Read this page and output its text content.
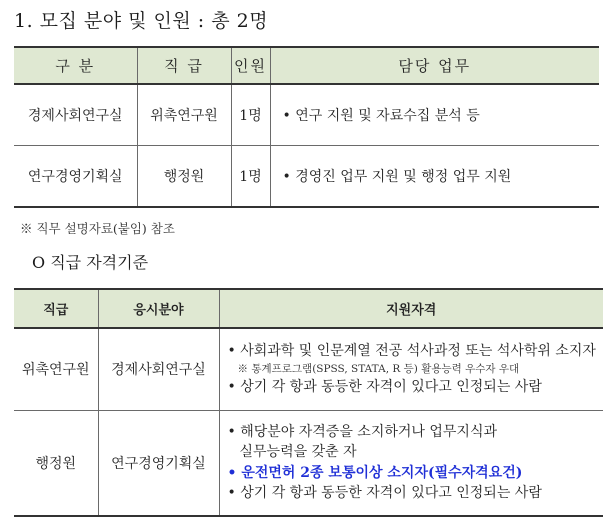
1. 모집 분야 및 인원 : 총 2명
구 분	직 급	인원	담당 업무
경제사회연구실	위촉연구원	1명	• 연구 지원 및 자료수집 분석 등
연구경영기획실	행정원	1명	• 경영진 업무 지원 및 행정 업무 지원
※ 직무 설명자료(붙임) 참조
O 직급 자격기준
직급	응시분야	지원자격
위촉연구원	경제사회연구실	• 사회과학 및 인문계열 전공 석사과정 또는 석사학위 소지자
※ 통계프로그램(SPSS, STATA, R 등) 활용능력 우수자 우대
• 상기 각 항과 동등한 자격이 있다고 인정되는 사람

행정원	연구경영기획실	• 해당분야 자격증을 소지하거나 업무지식과
실무능력을 갖춘 자
• 운전면허 2종 보통이상 소지자(필수자격요건)
• 상기 각 항과 동등한 자격이 있다고 인정되는 사람
